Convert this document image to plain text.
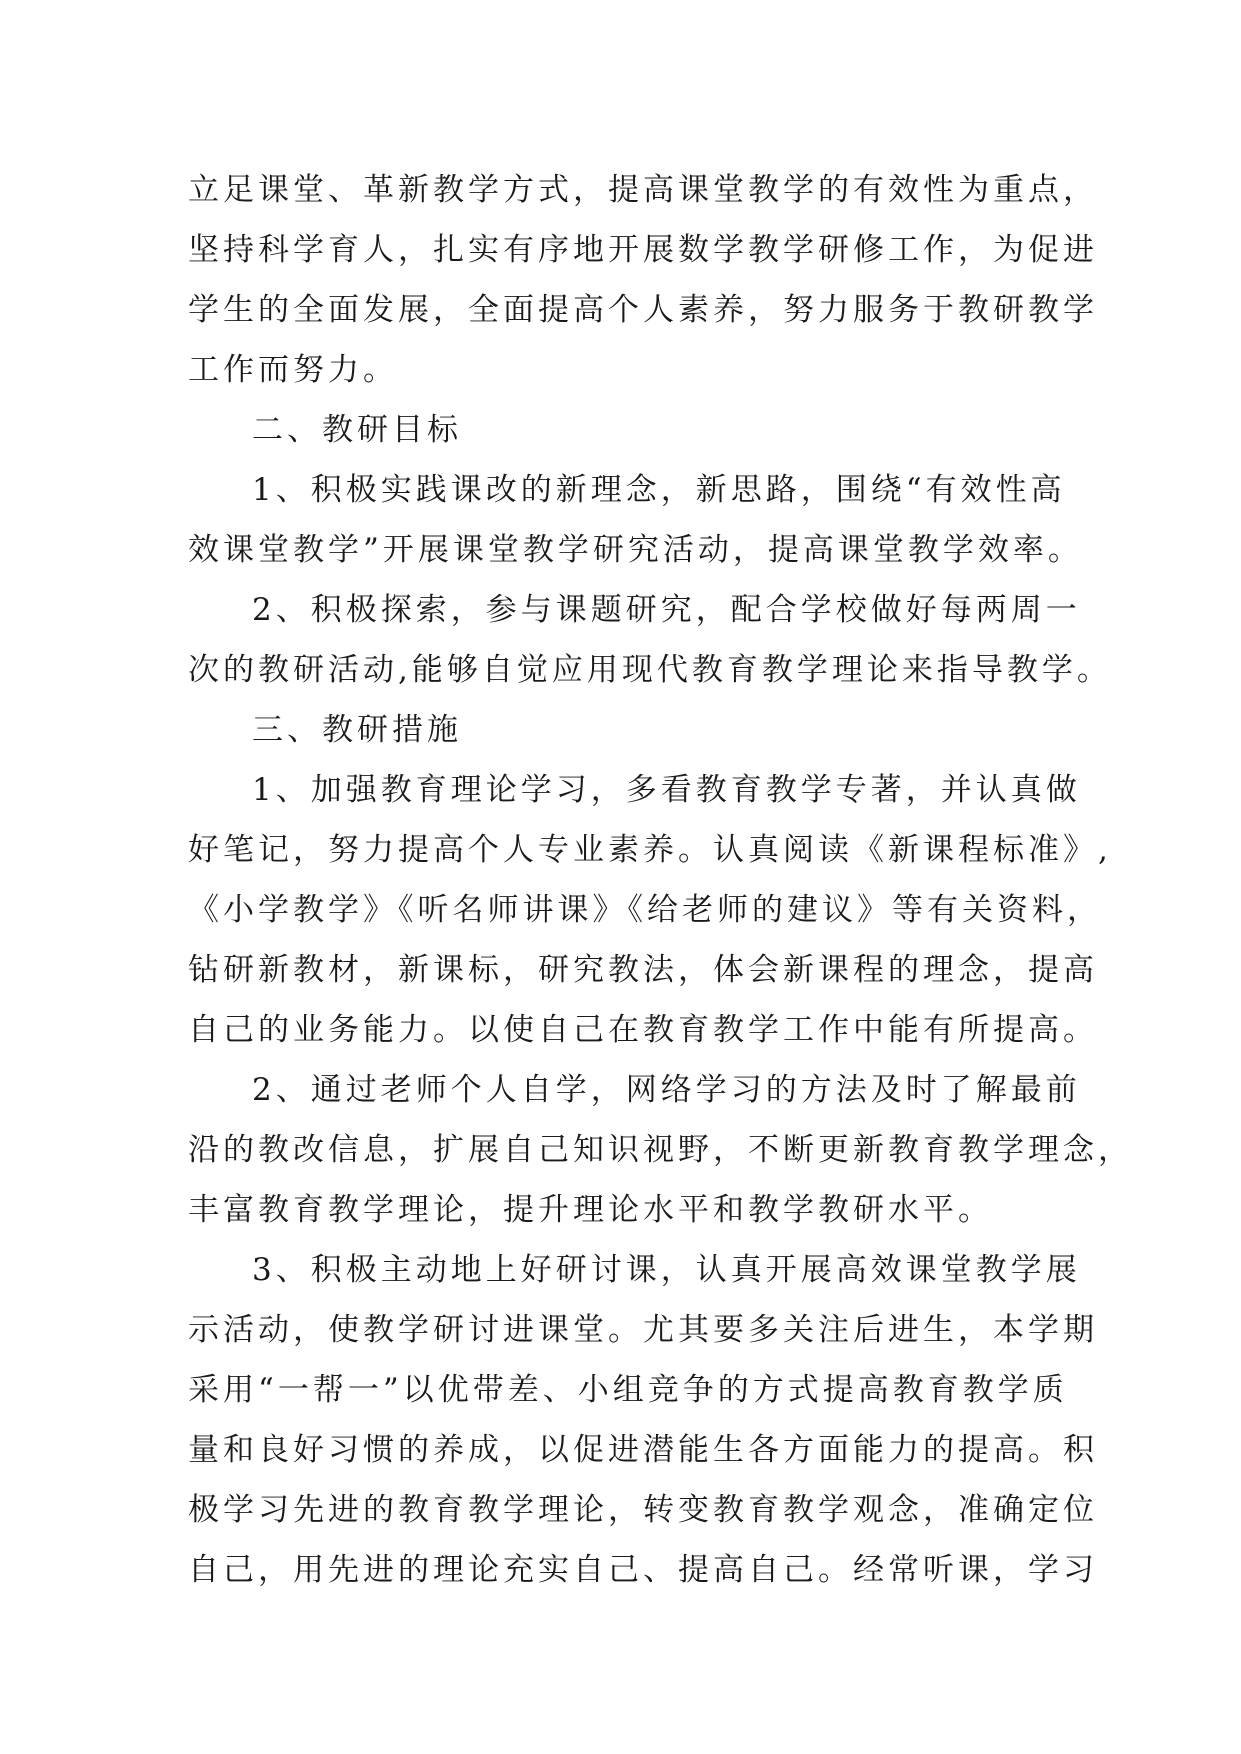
立足课堂、革新教学方式，提高课堂教学的有效性为重点，
坚持科学育人，扎实有序地开展数学教学研修工作，为促进
学生的全面发展，全面提高个人素养，努力服务于教研教学
工作而努力。
二、教研目标
1、积极实践课改的新理念，新思路，围绕“有效性高
效课堂教学”开展课堂教学研究活动，提高课堂教学效率。
2、积极探索，参与课题研究，配合学校做好每两周一
次的教研活动,能够自觉应用现代教育教学理论来指导教学。
三、教研措施
1、加强教育理论学习，多看教育教学专著，并认真做
好笔记，努力提高个人专业素养。认真阅读《新课程标准》,
《小学教学》《听名师讲课》《给老师的建议》等有关资料，
钻研新教材，新课标，研究教法，体会新课程的理念，提高
自己的业务能力。以使自己在教育教学工作中能有所提高。
2、通过老师个人自学，网络学习的方法及时了解最前
沿的教改信息，扩展自己知识视野，不断更新教育教学理念，
丰富教育教学理论，提升理论水平和教学教研水平。
3、积极主动地上好研讨课，认真开展高效课堂教学展
示活动，使教学研讨进课堂。尤其要多关注后进生，本学期
采用“一帮一”以优带差、小组竞争的方式提高教育教学质
量和良好习惯的养成，以促进潜能生各方面能力的提高。积
极学习先进的教育教学理论，转变教育教学观念，准确定位
自己，用先进的理论充实自己、提高自己。经常听课，学习
